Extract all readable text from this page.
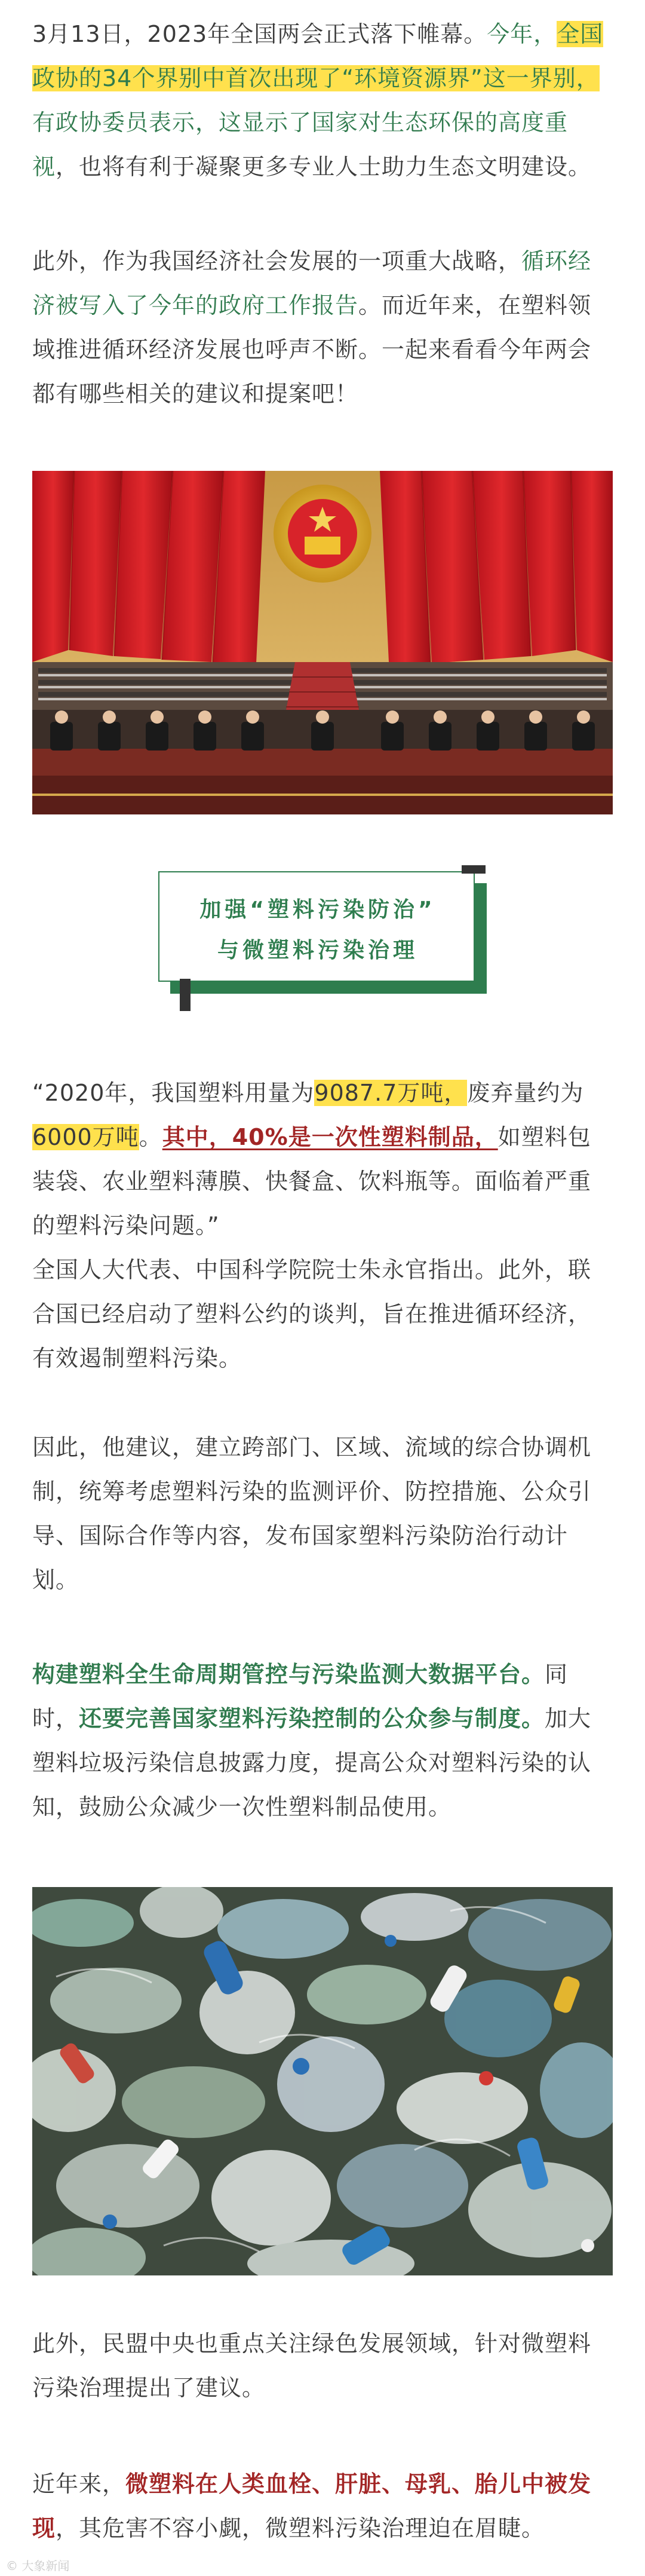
3月13日，2023年全国两会正式落下帷幕。今年，全国政协的34个界别中首次出现了“环境资源界”这一界别，有政协委员表示，这显示了国家对生态环保的高度重视，也将有利于凝聚更多专业人士助力生态文明建设。

此外，作为我国经济社会发展的一项重大战略，循环经济被写入了今年的政府工作报告。而近年来，在塑料领域推进循环经济发展也呼声不断。一起来看看今年两会都有哪些相关的建议和提案吧！

加强“塑料污染防治”
与微塑料污染治理

“2020年，我国塑料用量为9087.7万吨，废弃量约为6000万吨。其中，40%是一次性塑料制品，如塑料包装袋、农业塑料薄膜、快餐盒、饮料瓶等。面临着严重的塑料污染问题。”

全国人大代表、中国科学院院士朱永官指出。此外，联合国已经启动了塑料公约的谈判，旨在推进循环经济，有效遏制塑料污染。

因此，他建议，建立跨部门、区域、流域的综合协调机制，统筹考虑塑料污染的监测评价、防控措施、公众引导、国际合作等内容，发布国家塑料污染防治行动计划。

构建塑料全生命周期管控与污染监测大数据平台。同时，还要完善国家塑料污染控制的公众参与制度。加大塑料垃圾污染信息披露力度，提高公众对塑料污染的认知，鼓励公众减少一次性塑料制品使用。

此外，民盟中央也重点关注绿色发展领域，针对微塑料污染治理提出了建议。

近年来，微塑料在人类血栓、肝脏、母乳、胎儿中被发现，其危害不容小觑，微塑料污染治理迫在眉睫。

© 大象新闻
